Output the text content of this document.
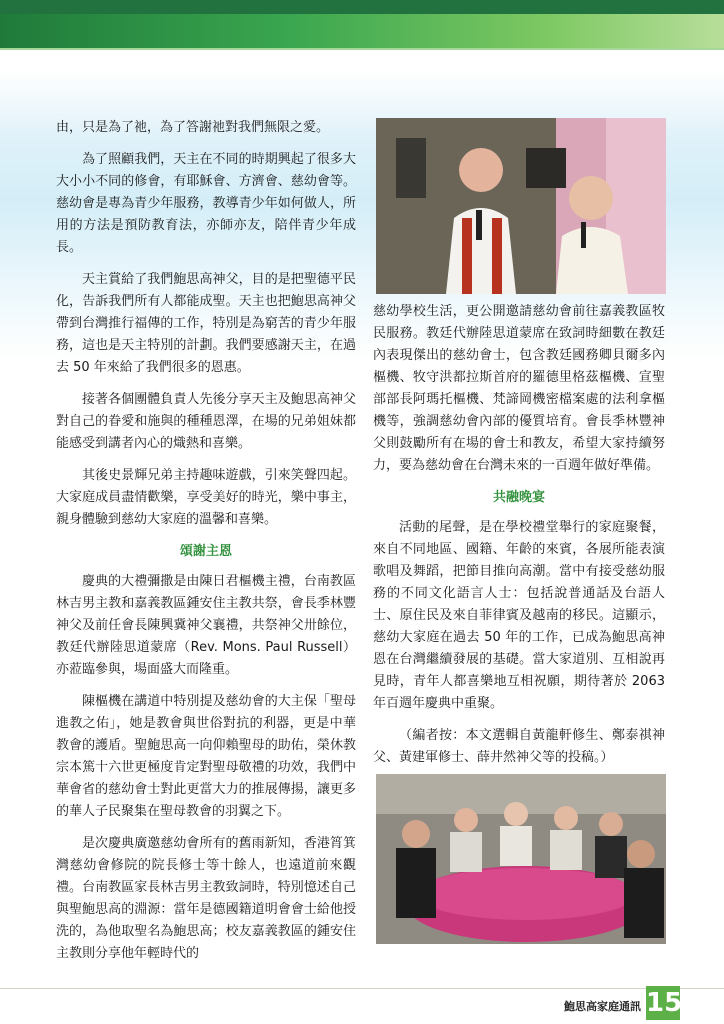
由，只是為了祂，為了答謝祂對我們無限之愛。

為了照顧我們，天主在不同的時期興起了很多大大小小不同的修會，有耶穌會、方濟會、慈幼會等。慈幼會是專為青少年服務，教導青少年如何做人，所用的方法是預防教育法，亦師亦友，陪伴青少年成長。

天主賞給了我們鮑思高神父，目的是把聖德平民化，告訴我們所有人都能成聖。天主也把鮑思高神父帶到台灣推行福傳的工作，特別是為窮苦的青少年服務，這也是天主特別的計劃。我們要感謝天主，在過去 50 年來給了我們很多的恩惠。

接著各個團體負責人先後分享天主及鮑思高神父對自己的眷愛和施與的種種恩澤，在場的兄弟姐妹都能感受到講者內心的熾熱和喜樂。

其後史景輝兄弟主持趣味遊戲，引來笑聲四起。大家庭成員盡情歡樂，享受美好的時光，樂中事主，親身體驗到慈幼大家庭的溫馨和喜樂。

頌謝主恩

慶典的大禮彌撒是由陳日君樞機主禮，台南教區林吉男主教和嘉義教區鍾安住主教共祭，會長季林豐神父及前任會長陳興冀神父襄禮，共祭神父卅餘位，教廷代辦陸思道蒙席（Rev. Mons. Paul Russell）亦蒞臨參與，場面盛大而隆重。

陳樞機在講道中特別提及慈幼會的大主保「聖母進教之佑」，她是教會與世俗對抗的利器，更是中華教會的護盾。聖鮑思高一向仰賴聖母的助佑，榮休教宗本篤十六世更極度肯定對聖母敬禮的功效，我們中華會省的慈幼會士對此更當大力的推展傳揚，讓更多的華人子民聚集在聖母教會的羽翼之下。

是次慶典廣邀慈幼會所有的舊雨新知，香港筲箕灣慈幼會修院的院長修士等十餘人，也遠道前來觀禮。台南教區家長林吉男主教致詞時，特別憶述自己與聖鮑思高的淵源：當年是德國籍道明會會士給他授洗的，為他取聖名為鮑思高；校友嘉義教區的鍾安住主教則分享他年輕時代的

慈幼學校生活，更公開邀請慈幼會前往嘉義教區牧民服務。教廷代辦陸思道蒙席在致詞時細數在教廷內表現傑出的慈幼會士，包含教廷國務卿貝爾多內樞機、牧守洪都拉斯首府的羅德里格茲樞機、宣聖部部長阿瑪托樞機、梵諦岡機密檔案處的法利拿樞機等，強調慈幼會內部的優質培育。會長季林豐神父則鼓勵所有在場的會士和教友，希望大家持續努力，要為慈幼會在台灣未來的一百週年做好準備。

共融晚宴

活動的尾聲，是在學校禮堂舉行的家庭聚餐，來自不同地區、國籍、年齡的來賓，各展所能表演歌唱及舞蹈，把節目推向高潮。當中有接受慈幼服務的不同文化語言人士：包括說普通話及台語人士、原住民及來自菲律賓及越南的移民。這顯示，慈幼大家庭在過去 50 年的工作，已成為鮑思高神恩在台灣繼續發展的基礎。當大家道別、互相說再見時，青年人都喜樂地互相祝願，期待著於 2063 年百週年慶典中重聚。

（編者按：本文選輯自黃龍軒修生、鄭泰祺神父、黃建軍修士、薛井然神父等的投稿。）

鮑思高家庭通訊 15
